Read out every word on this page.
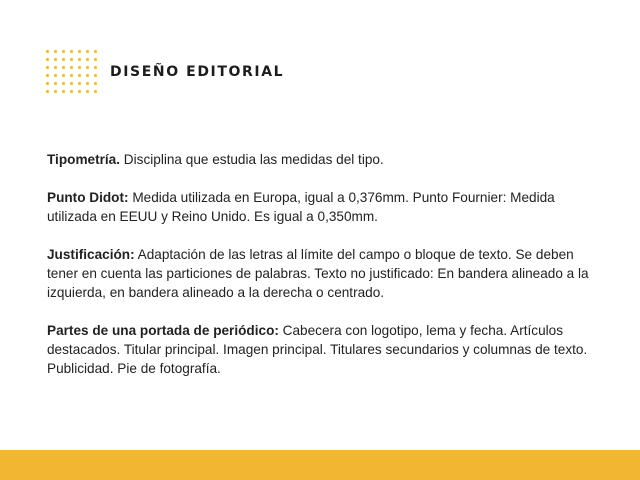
DISEÑO EDITORIAL

Tipometría. Disciplina que estudia las medidas del tipo.

Punto Didot: Medida utilizada en Europa, igual a 0,376mm. Punto Fournier: Medida utilizada en EEUU y Reino Unido. Es igual a 0,350mm.

Justificación: Adaptación de las letras al límite del campo o bloque de texto. Se deben tener en cuenta las particiones de palabras. Texto no justificado: En bandera alineado a la izquierda, en bandera alineado a la derecha o centrado.

Partes de una portada de periódico: Cabecera con logotipo, lema y fecha. Artículos destacados. Titular principal. Imagen principal. Titulares secundarios y columnas de texto. Publicidad. Pie de fotografía.
